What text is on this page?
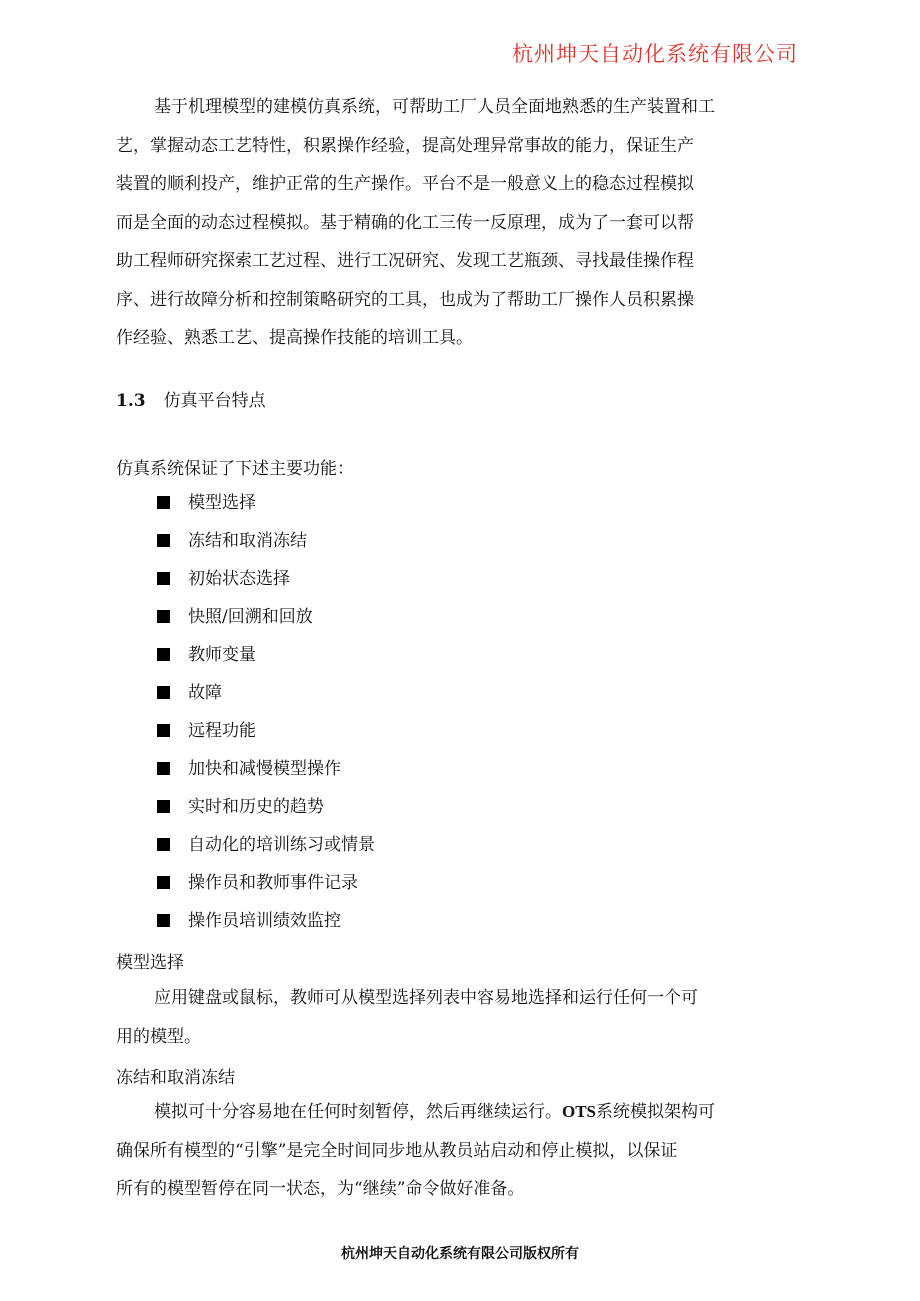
杭州坤天自动化系统有限公司

基于机理模型的建模仿真系统，可帮助工厂人员全面地熟悉的生产装置和工
艺，掌握动态工艺特性，积累操作经验，提高处理异常事故的能力，保证生产
装置的顺利投产，维护正常的生产操作。平台不是一般意义上的稳态过程模拟
而是全面的动态过程模拟。基于精确的化工三传一反原理，成为了一套可以帮
助工程师研究探索工艺过程、进行工况研究、发现工艺瓶颈、寻找最佳操作程
序、进行故障分析和控制策略研究的工具，也成为了帮助工厂操作人员积累操
作经验、熟悉工艺、提高操作技能的培训工具。

1.3 仿真平台特点
仿真系统保证了下述主要功能：
模型选择
冻结和取消冻结
初始状态选择
快照/回溯和回放
教师变量
故障
远程功能
加快和减慢模型操作
实时和历史的趋势
自动化的培训练习或情景
操作员和教师事件记录
操作员培训绩效监控
模型选择

应用键盘或鼠标，教师可从模型选择列表中容易地选择和运行任何一个可
用的模型。

冻结和取消冻结

模拟可十分容易地在任何时刻暂停，然后再继续运行。OTS系统模拟架构可
确保所有模型的“引擎”是完全时间同步地从教员站启动和停止模拟，以保证
所有的模型暂停在同一状态，为“继续”命令做好准备。

杭州坤天自动化系统有限公司版权所有
